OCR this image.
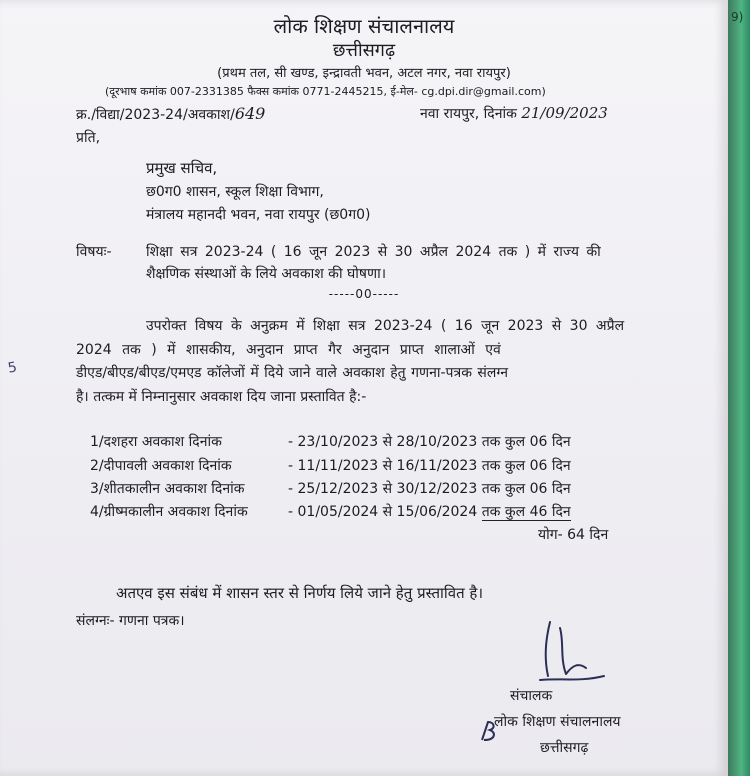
9)
लोक शिक्षण संचालनालय
छत्तीसगढ़
(प्रथम तल, सी खण्ड, इन्द्रावती भवन, अटल नगर, नवा रायपुर)
(दूरभाष कमांक 007-2331385 फैक्स कमांक 0771-2445215, ई-मेल- cg.dpi.dir@gmail.com)
क्र./विद्या/2023-24/अवकाश/649	नवा रायपुर, दिनांक 21/09/2023
प्रति,
प्रमुख सचिव,
छ0ग0 शासन, स्कूल शिक्षा विभाग,
मंत्रालय महानदी भवन, नवा रायपुर (छ0ग0)
विषयः- शिक्षा सत्र 2023-24 ( 16 जून 2023 से 30 अप्रैल 2024 तक ) में राज्य की
शैक्षणिक संस्थाओं के लिये अवकाश की घोषणा।
-----00-----
उपरोक्त विषय के अनुक्रम में शिक्षा सत्र 2023-24 ( 16 जून 2023 से 30 अप्रैल
2024 तक ) में शासकीय, अनुदान प्राप्त गैर अनुदान प्राप्त शालाओं एवं
डीएड/बीएड/बीएड/एमएड कॉलेजों में दिये जाने वाले अवकाश हेतु गणना-पत्रक संलग्न
है। तत्कम में निम्नानुसार अवकाश दिय जाना प्रस्तावित है:-
1/दशहरा अवकाश दिनांक	- 23/10/2023 से 28/10/2023 तक कुल 06 दिन
2/दीपावली अवकाश दिनांक	- 11/11/2023 से 16/11/2023 तक कुल 06 दिन
3/शीतकालीन अवकाश दिनांक	- 25/12/2023 से 30/12/2023 तक कुल 06 दिन
4/ग्रीष्मकालीन अवकाश दिनांक	- 01/05/2024 से 15/06/2024 तक कुल 46 दिन
योग- 64 दिन
अतएव इस संबंध में शासन स्तर से निर्णय लिये जाने हेतु प्रस्तावित है।
संलग्नः- गणना पत्रक।
संचालक
लोक शिक्षण संचालनालय
छत्तीसगढ़
5
